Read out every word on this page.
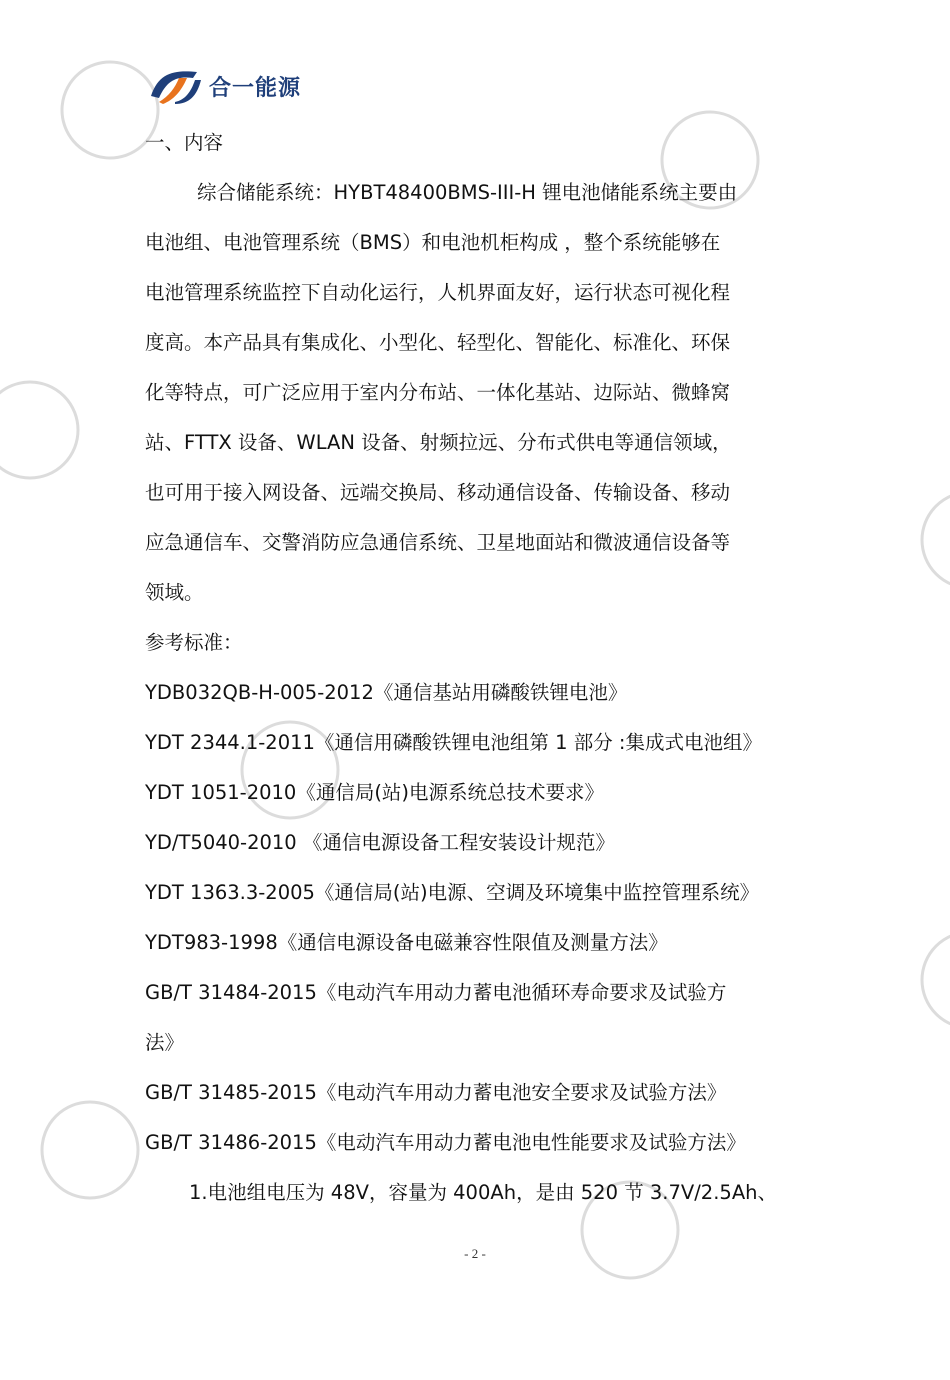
合一能源
一、内容
综合储能系统：HYBT48400BMS-III-H 锂电池储能系统主要由
电池组、电池管理系统（BMS）和电池机柜构成 ，整个系统能够在
电池管理系统监控下自动化运行，人机界面友好，运行状态可视化程
度高。本产品具有集成化、小型化、轻型化、智能化、标准化、环保
化等特点，可广泛应用于室内分布站、一体化基站、边际站、微蜂窝
站、FTTX 设备、WLAN 设备、射频拉远、分布式供电等通信领域，
也可用于接入网设备、远端交换局、移动通信设备、传输设备、移动
应急通信车、交警消防应急通信系统、卫星地面站和微波通信设备等
领域。
参考标准：
YDB032QB-H-005-2012《通信基站用磷酸铁锂电池》
YDT 2344.1-2011《通信用磷酸铁锂电池组第 1 部分 :集成式电池组》
YDT 1051-2010《通信局(站)电源系统总技术要求》
YD/T5040-2010 《通信电源设备工程安装设计规范》
YDT 1363.3-2005《通信局(站)电源、空调及环境集中监控管理系统》
YDT983-1998《通信电源设备电磁兼容性限值及测量方法》
GB/T 31484-2015《电动汽车用动力蓄电池循环寿命要求及试验方
法》
GB/T 31485-2015《电动汽车用动力蓄电池安全要求及试验方法》
GB/T 31486-2015《电动汽车用动力蓄电池电性能要求及试验方法》
1.电池组电压为 48V，容量为 400Ah，是由 520 节 3.7V/2.5Ah、
- 2 -
